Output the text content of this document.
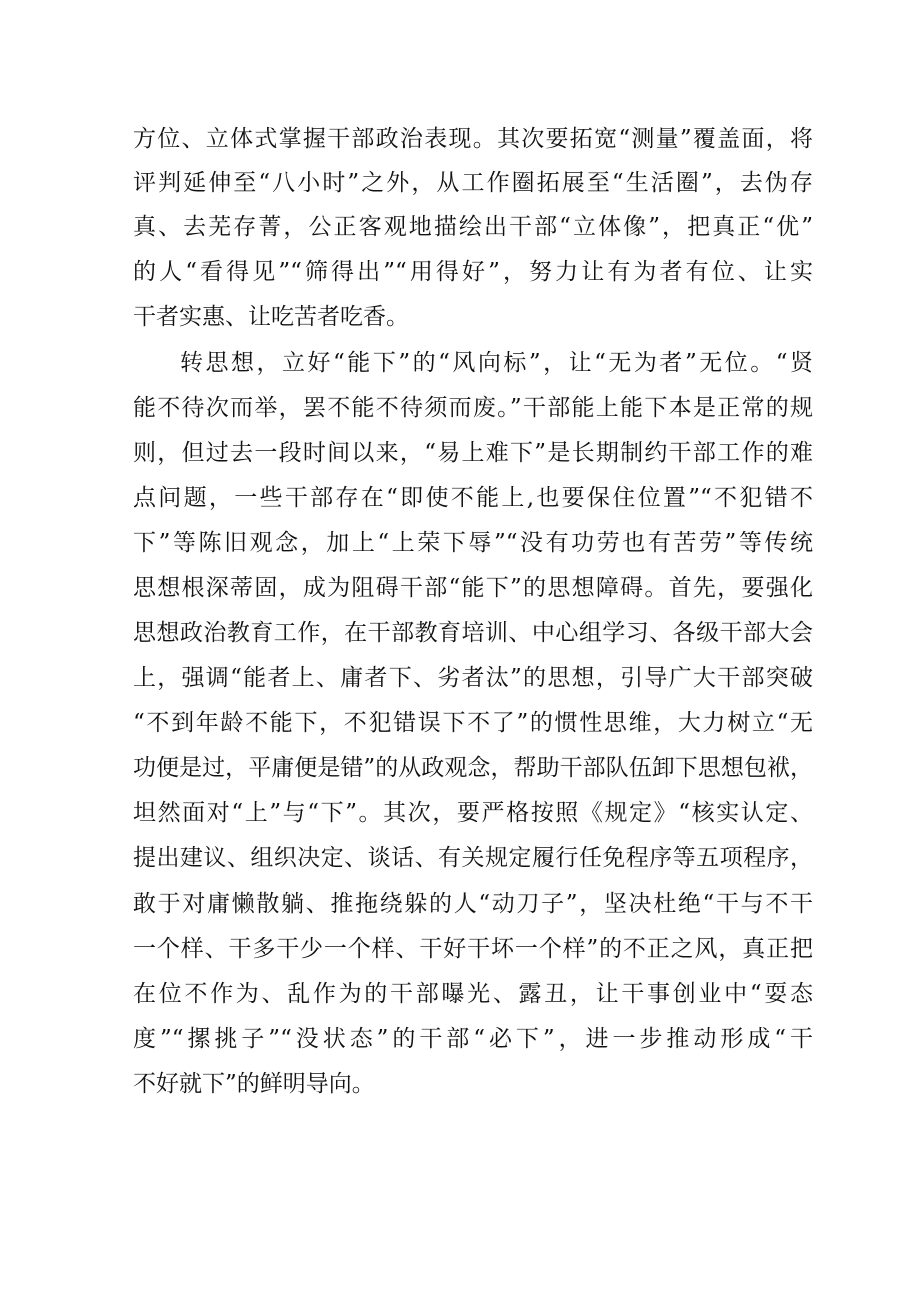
方位、立体式掌握干部政治表现。其次要拓宽“测量”覆盖面，将
评判延伸至“八小时”之外，从工作圈拓展至“生活圈”，去伪存
真、去芜存菁，公正客观地描绘出干部“立体像”，把真正“优”
的人“看得见”“筛得出”“用得好”，努力让有为者有位、让实
干者实惠、让吃苦者吃香。
转思想，立好“能下”的“风向标”，让“无为者”无位。“贤
能不待次而举，罢不能不待须而废。”干部能上能下本是正常的规
则，但过去一段时间以来，“易上难下”是长期制约干部工作的难
点问题，一些干部存在“即使不能上,也要保住位置”“不犯错不
下”等陈旧观念，加上“上荣下辱”“没有功劳也有苦劳”等传统
思想根深蒂固，成为阻碍干部“能下”的思想障碍。首先，要强化
思想政治教育工作，在干部教育培训、中心组学习、各级干部大会
上，强调“能者上、庸者下、劣者汰”的思想，引导广大干部突破
“不到年龄不能下，不犯错误下不了”的惯性思维，大力树立“无
功便是过，平庸便是错”的从政观念，帮助干部队伍卸下思想包袱，
坦然面对“上”与“下”。其次，要严格按照《规定》“核实认定、
提出建议、组织决定、谈话、有关规定履行任免程序等五项程序，
敢于对庸懒散躺、推拖绕躲的人“动刀子”，坚决杜绝“干与不干
一个样、干多干少一个样、干好干坏一个样”的不正之风，真正把
在位不作为、乱作为的干部曝光、露丑，让干事创业中“耍态
度”“摞挑子”“没状态”的干部“必下”，进一步推动形成“干
不好就下”的鲜明导向。
